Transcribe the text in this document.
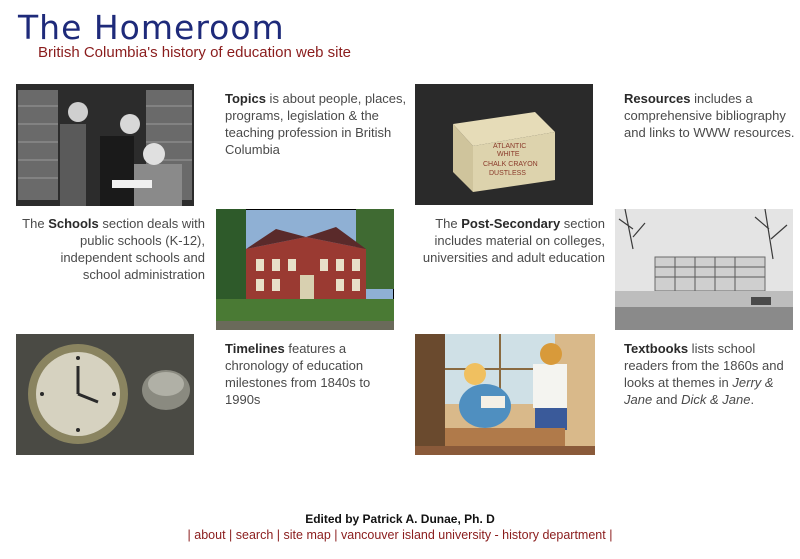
The Homeroom
British Columbia's history of education web site
Topics is about people, places, programs, legislation & the teaching profession in British Columbia	ATLANTIC
WHITE
CHALK CRAYON
DUSTLESS
Resources includes a comprehensive bibliography and links to WWW resources.
The Schools section deals with public schools (K-12), independent schools and school administration
The Post-Secondary section includes material on colleges, universities and adult education
Timelines features a chronology of education milestones from 1840s to 1990s
Textbooks lists school readers from the 1860s and looks at themes in Jerry & Jane and Dick & Jane.
Edited by Patrick A. Dunae, Ph. D
| about | search | site map | vancouver island university - history department |
